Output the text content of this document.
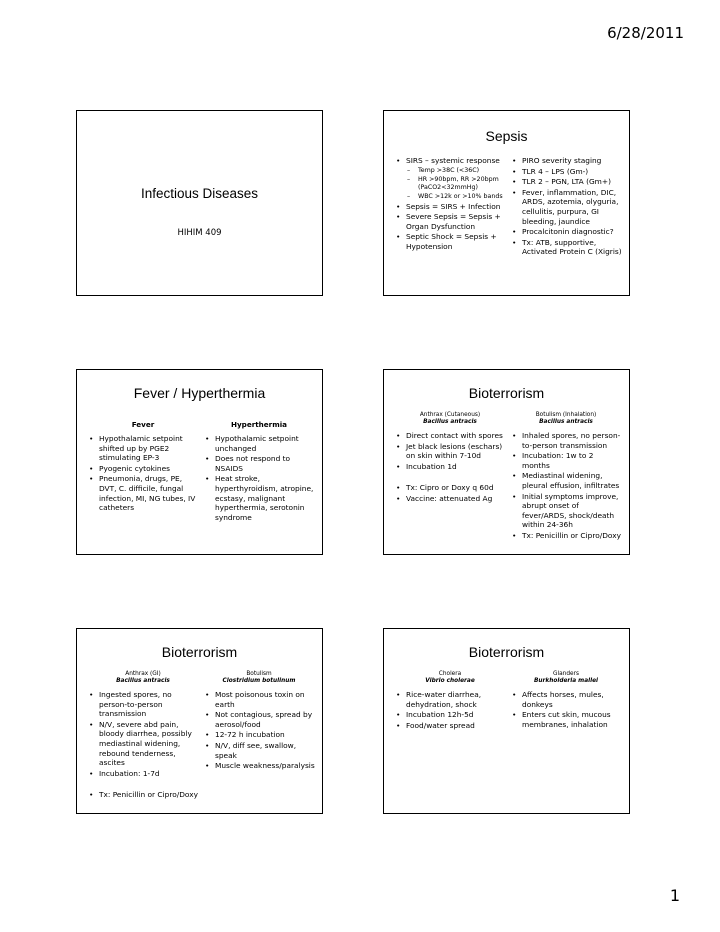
6/28/2011
Infectious Diseases
HIHIM 409
Sepsis
• SIRS – systemic response
– Temp >38C (<36C)
– HR >90bpm, RR >20bpm (PaCO2<32mmHg)
– WBC >12k or >10% bands
• Sepsis = SIRS + Infection
• Severe Sepsis = Sepsis + Organ Dysfunction
• Septic Shock = Sepsis + Hypotension
• PIRO severity staging
• TLR 4 – LPS (Gm-)
• TLR 2 – PGN, LTA (Gm+)
• Fever, inflammation, DIC, ARDS, azotemia, olyguria, cellulitis, purpura, GI bleeding, jaundice
• Procalcitonin diagnostic?
• Tx: ATB, supportive, Activated Protein C (Xigris)
Fever / Hyperthermia
Fever
• Hypothalamic setpoint shifted up by PGE2 stimulating EP-3
• Pyogenic cytokines
• Pneumonia, drugs, PE, DVT, C. difficile, fungal infection, MI, NG tubes, IV catheters
Hyperthermia
• Hypothalamic setpoint unchanged
• Does not respond to NSAIDS
• Heat stroke, hyperthyroidism, atropine, ecstasy, malignant hyperthermia, serotonin syndrome
Bioterrorism
Anthrax (Cutaneous)
Bacillus antracis
• Direct contact with spores
• Jet black lesions (eschars) on skin within 7-10d
• Incubation 1d
• Tx: Cipro or Doxy q 60d
• Vaccine: attenuated Ag
Botulism (Inhalation)
Bacillus antracis
• Inhaled spores, no person-to-person transmission
• Incubation: 1w to 2 months
• Mediastinal widening, pleural effusion, infiltrates
• Initial symptoms improve, abrupt onset of fever/ARDS, shock/death within 24-36h
• Tx: Penicillin or Cipro/Doxy
Bioterrorism
Anthrax (GI)
Bacillus antracis
• Ingested spores, no person-to-person transmission
• N/V, severe abd pain, bloody diarrhea, possibly mediastinal widening, rebound tenderness, ascites
• Incubation: 1-7d
• Tx: Penicillin or Cipro/Doxy
Botulism
Clostridium botulinum
• Most poisonous toxin on earth
• Not contagious, spread by aerosol/food
• 12-72 h incubation
• N/V, diff see, swallow, speak
• Muscle weakness/paralysis
Bioterrorism
Cholera
Vibrio cholerae
• Rice-water diarrhea, dehydration, shock
• Incubation 12h-5d
• Food/water spread
Glanders
Burkholderia mallei
• Affects horses, mules, donkeys
• Enters cut skin, mucous membranes, inhalation
1
